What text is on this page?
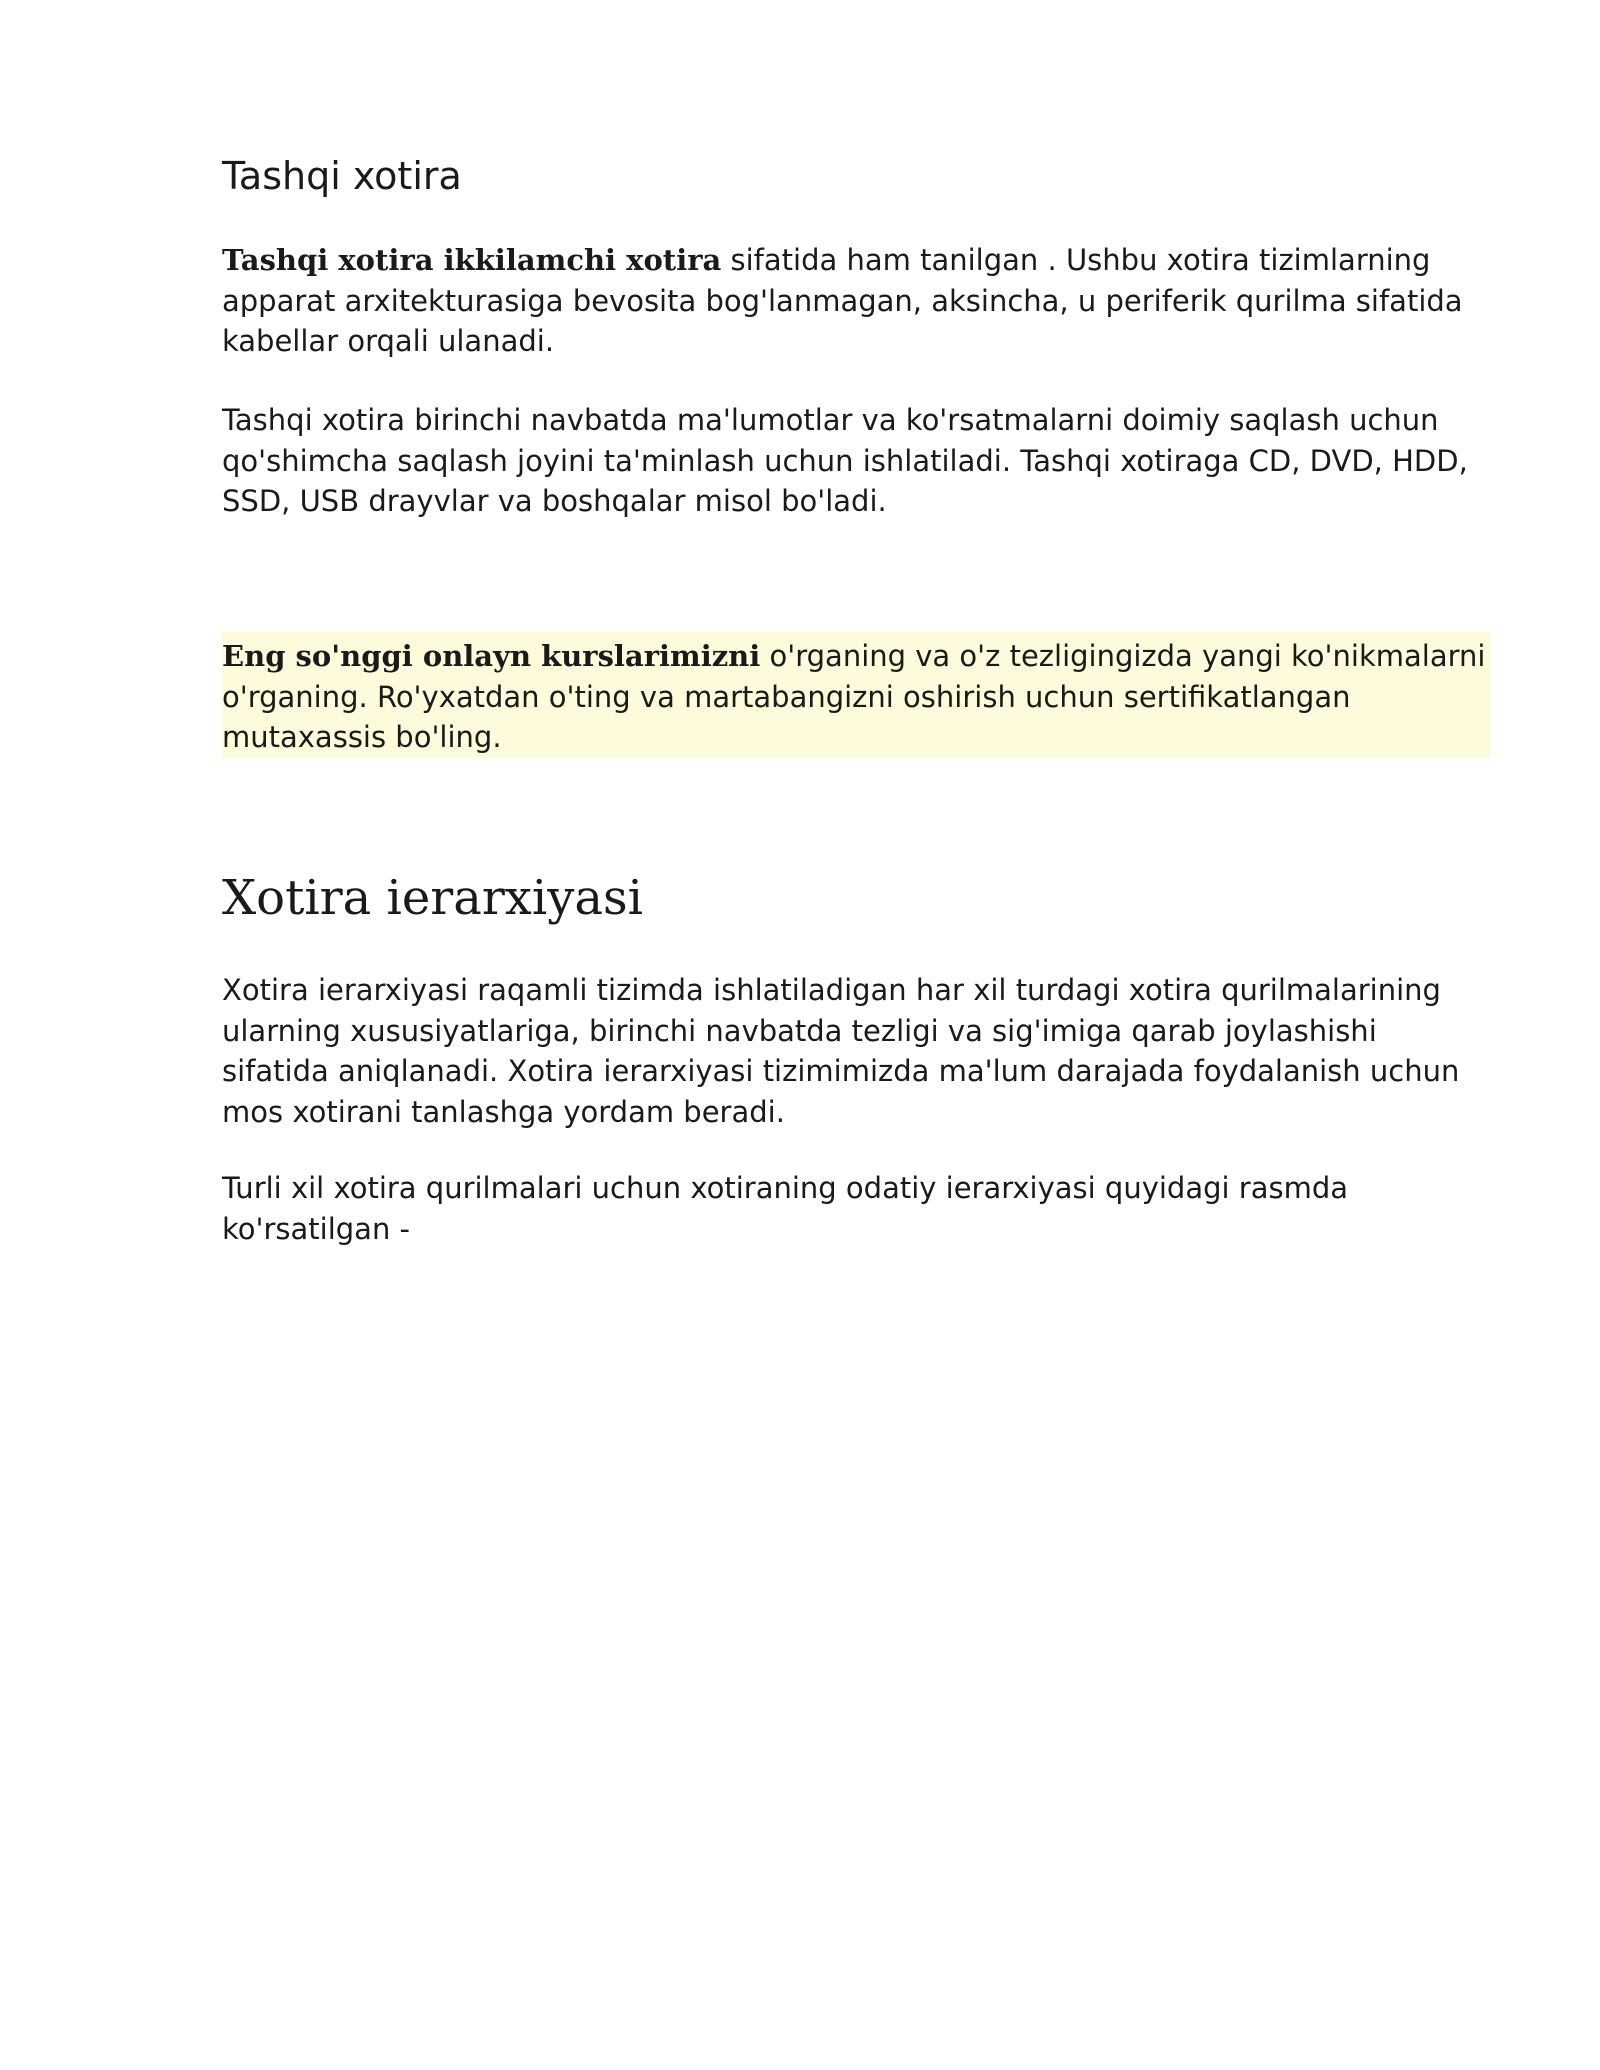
Tashqi xotira

Tashqi xotira ikkilamchi xotira sifatida ham tanilgan . Ushbu xotira tizimlarning apparat arxitekturasiga bevosita bog'lanmagan, aksincha, u periferik qurilma sifatida kabellar orqali ulanadi.

Tashqi xotira birinchi navbatda ma'lumotlar va ko'rsatmalarni doimiy saqlash uchun qo'shimcha saqlash joyini ta'minlash uchun ishlatiladi. Tashqi xotiraga CD, DVD, HDD, SSD, USB drayvlar va boshqalar misol bo'ladi.

Eng so'nggi onlayn kurslarimizni o'rganing va o'z tezligingizda yangi ko'nikmalarni o'rganing. Ro'yxatdan o'ting va martabangizni oshirish uchun sertifikatlangan mutaxassis bo'ling.

Xotira ierarxiyasi

Xotira ierarxiyasi raqamli tizimda ishlatiladigan har xil turdagi xotira qurilmalarining ularning xususiyatlariga, birinchi navbatda tezligi va sig'imiga qarab joylashishi sifatida aniqlanadi. Xotira ierarxiyasi tizimimizda ma'lum darajada foydalanish uchun mos xotirani tanlashga yordam beradi.

Turli xil xotira qurilmalari uchun xotiraning odatiy ierarxiyasi quyidagi rasmda ko'rsatilgan -
